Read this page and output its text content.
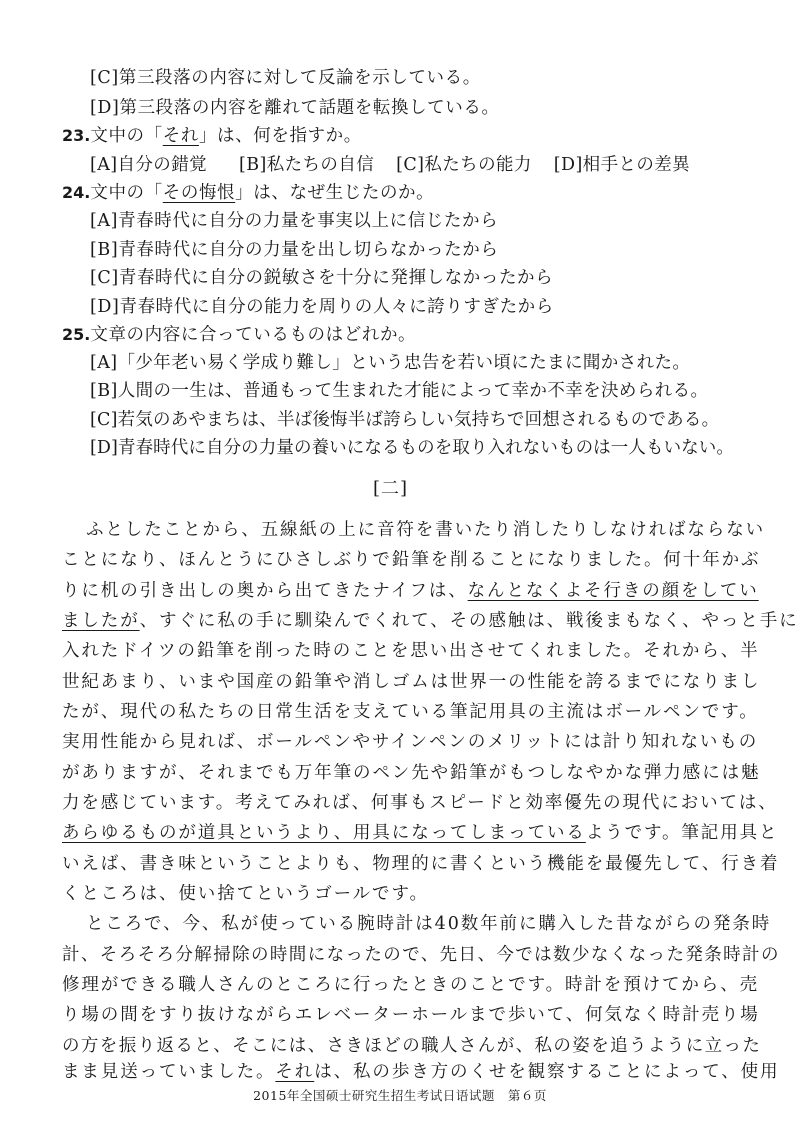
[C]第三段落の内容に対して反論を示している。
[D]第三段落の内容を離れて話題を転換している。
23.文中の「それ」は、何を指すか。
[A]自分の錯覚 [B]私たちの自信 [C]私たちの能力 [D]相手との差異
24.文中の「その悔恨」は、なぜ生じたのか。
[A]青春時代に自分の力量を事実以上に信じたから
[B]青春時代に自分の力量を出し切らなかったから
[C]青春時代に自分の鋭敏さを十分に発揮しなかったから
[D]青春時代に自分の能力を周りの人々に誇りすぎたから
25.文章の内容に合っているものはどれか。
[A]「少年老い易く学成り難し」という忠告を若い頃にたまに聞かされた。
[B]人間の一生は、普通もって生まれた才能によって幸か不幸を決められる。
[C]若気のあやまちは、半ば後悔半ば誇らしい気持ちで回想されるものである。
[D]青春時代に自分の力量の養いになるものを取り入れないものは一人もいない。
[二]
ふとしたことから、五線紙の上に音符を書いたり消したりしなければならない
ことになり、ほんとうにひさしぶりで鉛筆を削ることになりました。何十年かぶ
りに机の引き出しの奥から出てきたナイフは、なんとなくよそ行きの顔をしてい
ましたが、すぐに私の手に馴染んでくれて、その感触は、戦後まもなく、やっと手に
入れたドイツの鉛筆を削った時のことを思い出させてくれました。それから、半
世紀あまり、いまや国産の鉛筆や消しゴムは世界一の性能を誇るまでになりまし
たが、現代の私たちの日常生活を支えている筆記用具の主流はボールペンです。
実用性能から見れば、ボールペンやサインペンのメリットには計り知れないもの
がありますが、それまでも万年筆のペン先や鉛筆がもつしなやかな弾力感には魅
力を感じています。考えてみれば、何事もスピードと効率優先の現代においては、
あらゆるものが道具というより、用具になってしまっているようです。筆記用具と
いえば、書き味ということよりも、物理的に書くという機能を最優先して、行き着
くところは、使い捨てというゴールです。
ところで、今、私が使っている腕時計は40数年前に購入した昔ながらの発条時
計、そろそろ分解掃除の時間になったので、先日、今では数少なくなった発条時計の
修理ができる職人さんのところに行ったときのことです。時計を預けてから、売
り場の間をすり抜けながらエレベーターホールまで歩いて、何気なく時計売り場
の方を振り返ると、そこには、さきほどの職人さんが、私の姿を追うように立った
まま見送っていました。それは、私の歩き方のくせを観察することによって、使用
2015年全国硕士研究生招生考试日语试题　第６页
